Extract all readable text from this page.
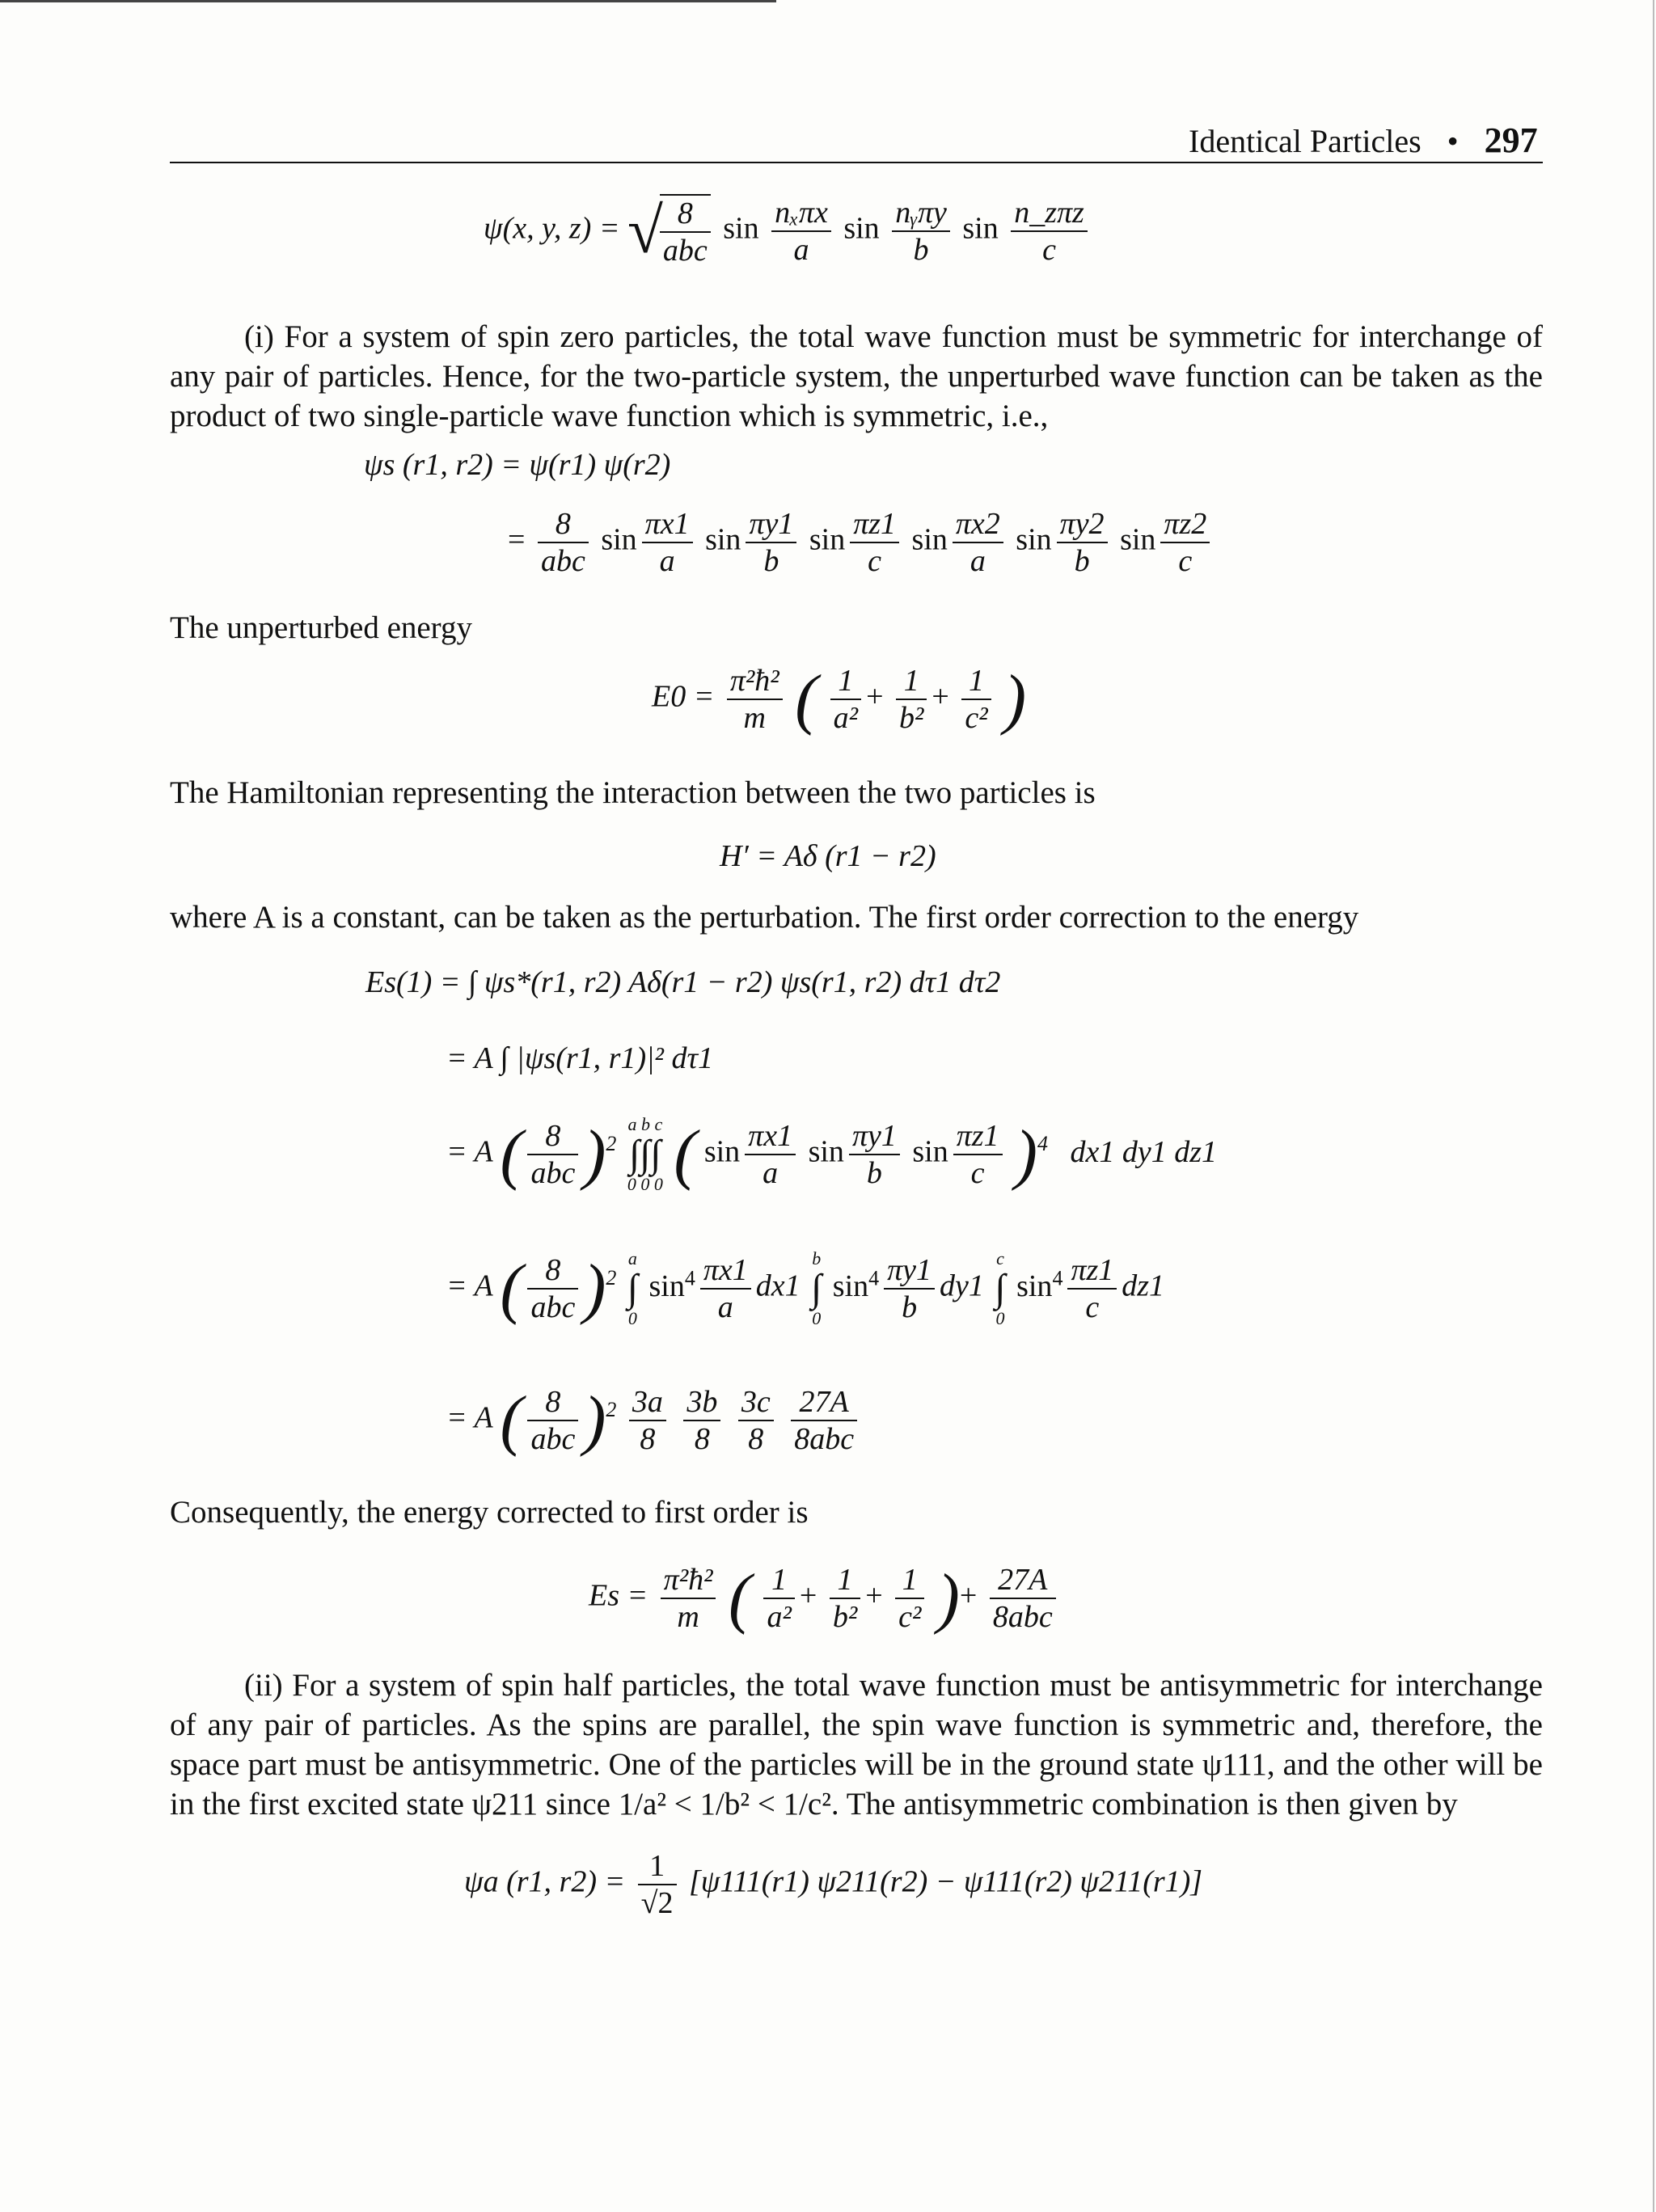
Identical Particles • 297
ψ(x, y, z) = √
$\frac{8}{\text{abc}}$ $\sin \frac{\text{nₓπx}}{a}$ $\sin \frac{\text{nᵧπy}}{b}$ $\sin \frac{\text{n\_zπz}}{c}$
(i) For a system of spin zero particles, the total wave function must be symmetric for interchange of any pair of particles. Hence, for the two-particle system, the unperturbed wave function can be taken as the product of two single-particle wave function which is symmetric, i.e.,
ψs (r1, r2) = ψ(r1) ψ(r2)
= $\frac{8}{\text{abc}}$ $\sin \frac{\pi x1}{a}$ $\sin \frac{\pi y1}{b}$ $\sin \frac{\pi z1}{c}$ $\sin \frac{\pi x2}{a}$ $\sin \frac{\pi y2}{b}$ $\sin \frac{\pi z2}{c}$
The unperturbed energy
$E0 = \frac{\text{π²ħ²}}{m}$ ( $\frac{1}{\text{a²}} + \frac{1}{\text{b²}} + \frac{1}{\text{c²}}$ )
The Hamiltonian representing the interaction between the two particles is
H′ = Aδ (r1 − r2)
where A is a constant, can be taken as the perturbation. The first order correction to the energy
Es(1) = ∫ ψs*(r1, r2) Aδ(r1 − r2) ψs(r1, r2) dτ1 dτ2
= A ∫ |ψs(r1, r1)|² dτ1
= A ( $\frac{8}{\text{abc}} )^2$ a b c
∫∫∫
0 0 0 ( $\sin \frac{\pi x1}{a}$ $\sin \frac{\pi y1}{b}$ $\sin \frac{\pi z1}{c} )^4$ dx1 dy1 dz1
= A ( $\frac{8}{\text{abc}} )^2$ a
∫
0 $\sin^4 \frac{\pi x1}{a} dx1$ b
∫
0 $\sin^4 \frac{\pi y1}{b} dy1$ c
∫
0 $\sin^4 \frac{\pi z1}{c} dz1$
= A ( $\frac{8}{\text{abc}} )^2 \frac{3a}{8}$
$\frac{3b}{8}$
$\frac{3c}{8}$
$\frac{27A}{\text{8abc}}$
Consequently, the energy corrected to first order is
$Es = \frac{\text{π²ħ²}}{m}$ ( $\frac{1}{\text{a²}} + \frac{1}{\text{b²}} + \frac{1}{\text{c²}}$ )+ $\frac{27A}{\text{8abc}}$
(ii) For a system of spin half particles, the total wave function must be antisymmetric for interchange of any pair of particles. As the spins are parallel, the spin wave function is symmetric and, therefore, the space part must be antisymmetric. One of the particles will be in the ground state ψ111, and the other will be in the first excited state ψ211 since 1/a² < 1/b² < 1/c². The antisymmetric combination is then given by
ψa (r1, $r2) = \frac{1}{√2} [\psi 111(r1) \psi 211(r2) - \psi 111(r2)$ ψ211(r1)]
